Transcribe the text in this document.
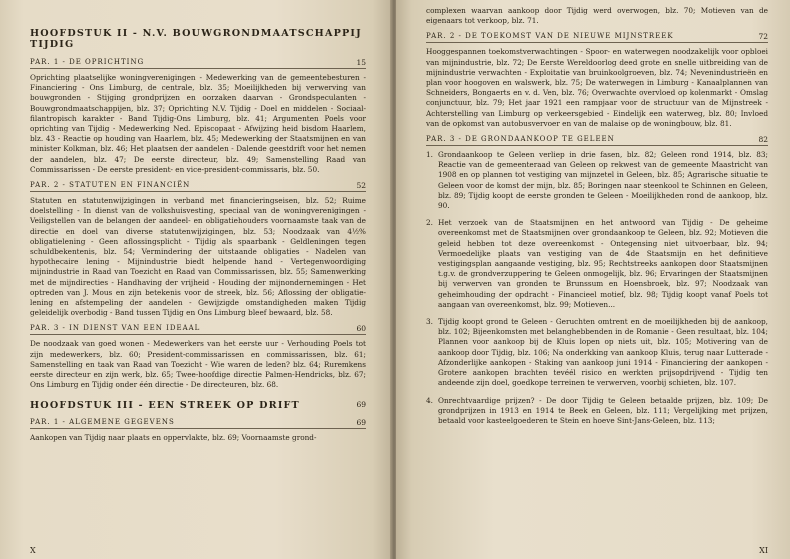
HOOFDSTUK II - N.V. BOUWGRONDMAATSCHAPPIJ TIJDIG
PAR. 1 - DE OPRICHTING	15

Oprichting plaatselijke woningverenigingen - Medewerking van de gemeentebesturen - Financiering - Ons Limburg, de centrale, blz. 35; Moeilijkheden bij verwerving van bouwgronden - Stijging grondprijzen en oorzaken daarvan - Grondspeculanten - Bouwgrondmaatschappijen, blz. 37; Oprichting N.V. Tijdig - Doel en middelen - Sociaal-filantropisch karakter - Band Tijdig-Ons Limburg, blz. 41; Argumenten Poels voor oprichting van Tijdig - Medewerking Ned. Episcopaat - Afwijzing heid bisdom Haarlem, blz. 43 - Reactie op houding van Haarlem, blz. 45; Medewerking der Staatsmijnen en van minister Kolkman, blz. 46; Het plaatsen der aandelen - Dalende geestdrift voor het nemen der aandelen, blz. 47; De eerste directeur, blz. 49; Samenstelling Raad van Commissarissen - De eerste president- en vice-president-commissaris, blz. 50.

PAR. 2 - STATUTEN EN FINANCIËN	52

Statuten en statutenwijzigingen in verband met financieringseisen, blz. 52; Ruime doelstelling - In dienst van de volkshuisvesting, speciaal van de woningverenigingen - Veiligstellen van de belangen der aandeel- en obligatiehouders voornaamste taak van de directie en doel van diverse statutenwijzigingen, blz. 53; Noodzaak van 4½% obligatielening - Geen aflossingsplicht - Tijdig als spaarbank - Geldleningen tegen schuldbekentenis, blz. 54; Vermindering der uitstaande obligaties - Nadelen van hypothecaire lening - Mijnindustrie biedt helpende hand - Vertegenwoordiging mijnindustrie in Raad van Toezicht en Raad van Commissarissen, blz. 55; Samenwerking met de mijndirecties - Handhaving der vrijheid - Houding der mijnondernemingen - Het optreden van J. Mous en zijn betekenis voor de streek, blz. 56; Aflossing der obligatie-lening en afstempeling der aandelen - Gewijzigde omstandigheden maken Tijdig geleidelijk overbodig - Band tussen Tijdig en Ons Limburg bleef bewaard, blz. 58.

PAR. 3 - IN DIENST VAN EEN IDEAAL	60

De noodzaak van goed wonen - Medewerkers van het eerste uur - Verhouding Poels tot zijn medewerkers, blz. 60; President-commissarissen en commissarissen, blz. 61; Samenstelling en taak van Raad van Toezicht - Wie waren de leden? blz. 64; Ruremkens eerste directeur en zijn werk, blz. 65; Twee-hoofdige directie Palmen-Hendricks, blz. 67; Ons Limburg en Tijdig onder één directie - De directeuren, blz. 68.

HOOFDSTUK III - EEN STREEK OP DRIFT	69
PAR. 1 - ALGEMENE GEGEVENS	69

Aankopen van Tijdig naar plaats en oppervlakte, blz. 69; Voornaamste grond-

X

complexen waarvan aankoop door Tijdig werd overwogen, blz. 70; Motieven van de eigenaars tot verkoop, blz. 71.

PAR. 2 - DE TOEKOMST VAN DE NIEUWE MIJNSTREEK	72

Hooggespannen toekomstverwachtingen - Spoor- en waterwegen noodzakelijk voor opbloei van mijnindustrie, blz. 72; De Eerste Wereldoorlog deed grote en snelle uitbreiding van de mijnindustrie verwachten - Exploitatie van bruinkoolgroeven, blz. 74; Nevenindustrieën en plan voor hoogoven en walswerk, blz. 75; De waterwegen in Limburg - Kanaalplannen van Schneiders, Bongaerts en v. d. Ven, blz. 76; Overwachte overvloed op kolenmarkt - Omslag conjunctuur, blz. 79; Het jaar 1921 een rampjaar voor de structuur van de Mijnstreek - Achterstelling van Limburg op verkeersgebied - Eindelijk een waterweg, blz. 80; Invloed van de opkomst van autobusvervoer en van de malaise op de woningbouw, blz. 81.

PAR. 3 - DE GRONDAANKOOP TE GELEEN	82
1. Grondaankoop te Geleen verliep in drie fasen, blz. 82; Geleen rond 1914, blz. 83; Reactie van de gemeenteraad van Geleen op rekwest van de gemeente Maastricht van 1908 en op plannen tot vestiging van mijnzetel in Geleen, blz. 85; Agrarische situatie te Geleen voor de komst der mijn, blz. 85; Boringen naar steenkool te Schinnen en Geleen, blz. 89; Tijdig koopt de eerste gronden te Geleen - Moeilijkheden rond de aankoop, blz. 90.
2. Het verzoek van de Staatsmijnen en het antwoord van Tijdig - De geheime overeenkomst met de Staatsmijnen over grondaankoop te Geleen, blz. 92; Motieven die geleid hebben tot deze overeenkomst - Ontegensing niet uitvoerbaar, blz. 94; Vermoedelijke plaats van vestiging van de 4de Staatsmijn en het definitieve vestigingsplan aangaande vestiging, blz. 95; Rechtstreeks aankopen door Staatsmijnen t.g.v. de grondverzuppering te Geleen onmogelijk, blz. 96; Ervaringen der Staatsmijnen bij verwerven van gronden te Brunssum en Hoensbroek, blz. 97; Noodzaak van geheimhouding der opdracht - Financieel motief, blz. 98; Tijdig koopt vanaf Poels tot aangaan van overeenkomst, blz. 99; Motieven...
3. Tijdig koopt grond te Geleen - Geruchten omtrent en de moeilijkheden bij de aankoop, blz. 102; Bijeenkomsten met belanghebbenden in de Romanie - Geen resultaat, blz. 104; Plannen voor aankoop bij de Kluis lopen op niets uit, blz. 105; Motivering van de aankoop door Tijdig, blz. 106; Na onderkking van aankoop Kluis, terug naar Lutterade - Afzonderlijke aankopen - Staking van aankoop juni 1914 - Financiering der aankopen - Grotere aankopen brachten tevéél risico en werkten prijsopdrijvend - Tijdig ten andeende zijn doel, goedkope terreinen te verwerven, voorbij schieten, blz. 107.
4. Onrechtvaardige prijzen? - De door Tijdig te Geleen betaalde prijzen, blz. 109; De grondprijzen in 1913 en 1914 te Beek en Geleen, blz. 111; Vergelijking met prijzen, betaald voor kasteelgoederen te Stein en hoeve Sint-Jans-Geleen, blz. 113;
XI
